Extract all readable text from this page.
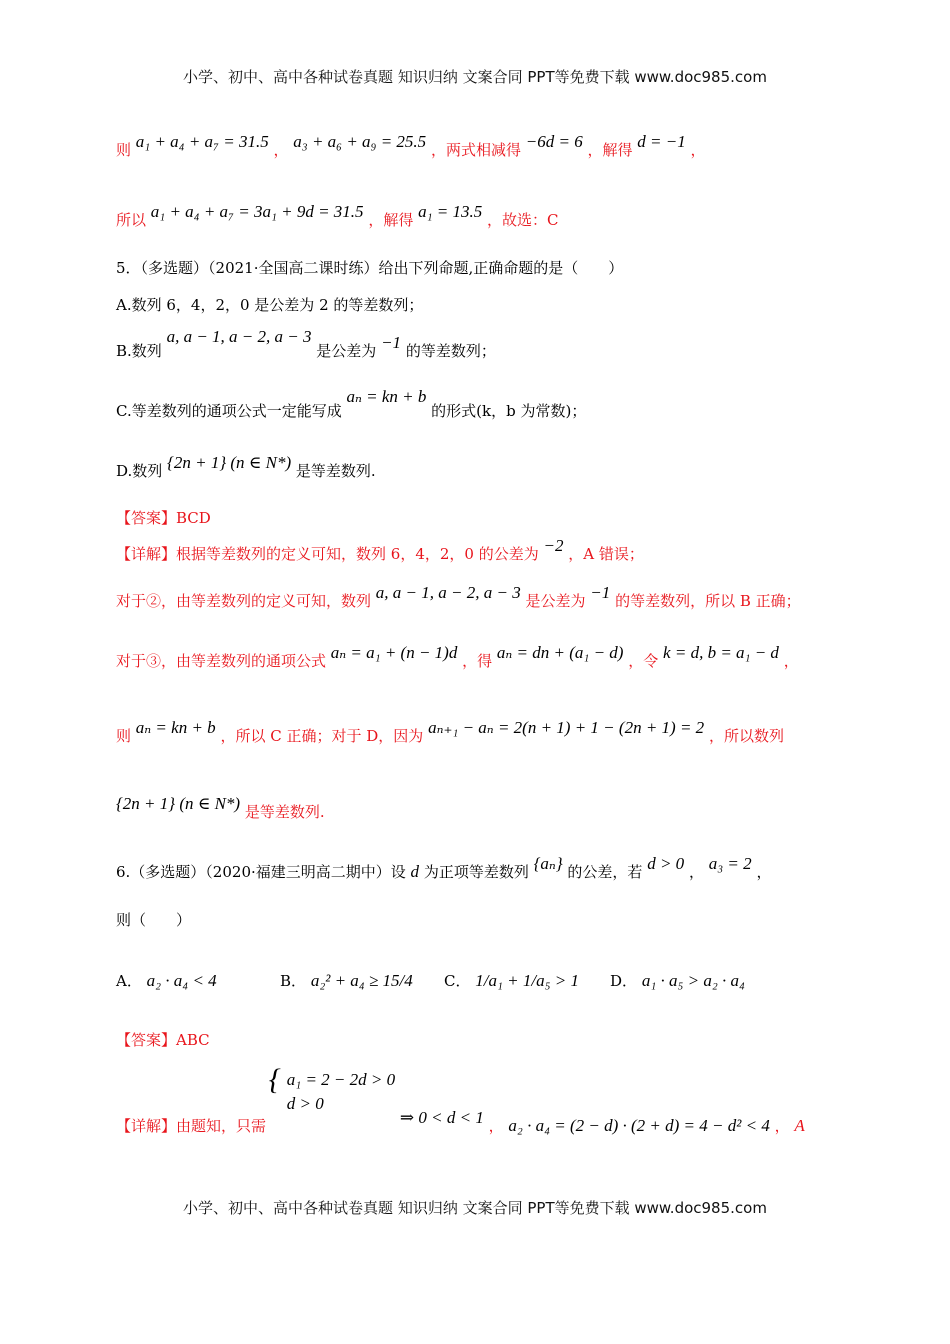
小学、初中、高中各种试卷真题 知识归纳 文案合同 PPT等免费下载 www.doc985.com
则 a₁ + a₄ + a₇ = 31.5 ， a₃ + a₆ + a₉ = 25.5 ，两式相减得 −6d = 6 ，解得 d = −1 ，
所以 a₁ + a₄ + a₇ = 3a₁ + 9d = 31.5 ，解得 a₁ = 13.5 ，故选：C
5．（多选题）（2021·全国高二课时练）给出下列命题,正确命题的是（　　）
A.数列 6，4，2，0 是公差为 2 的等差数列；
B.数列 a, a − 1, a − 2, a − 3 是公差为 −1 的等差数列；
C.等差数列的通项公式一定能写成 aₙ = kn + b 的形式(k，b 为常数)；
D.数列 {2n + 1} (n ∈ N*) 是等差数列.
【答案】BCD
【详解】根据等差数列的定义可知，数列 6，4，2，0 的公差为 −2 ，A 错误；
对于②，由等差数列的定义可知，数列 a, a − 1, a − 2, a − 3 是公差为 −1 的等差数列，所以 B 正确；
对于③，由等差数列的通项公式 aₙ = a₁ + (n − 1)d ，得 aₙ = dn + (a₁ − d) ，令 k = d, b = a₁ − d ，
则 aₙ = kn + b ，所以 C 正确；对于 D，因为 aₙ₊₁ − aₙ = 2(n + 1) + 1 − (2n + 1) = 2 ，所以数列
{2n + 1} (n ∈ N*) 是等差数列.
6.（多选题）（2020·福建三明高二期中）设 d 为正项等差数列 {aₙ} 的公差，若 d > 0 ， a₃ = 2 ，
则（　　）
A． a₂ · a₄ < 4	B． a₂² + a₄ ≥ 15/4 C． 1/a₁ + 1/a₅ > 1 D． a₁ · a₅ > a₂ · a₄
【答案】ABC
【详解】由题知，只需
{ a₁ = 2 − 2d > 0
d > 0
⇒ 0 < d < 1 ， a₂ · a₄ = (2 − d) · (2 + d) = 4 − d² < 4 ， A
小学、初中、高中各种试卷真题 知识归纳 文案合同 PPT等免费下载 www.doc985.com
